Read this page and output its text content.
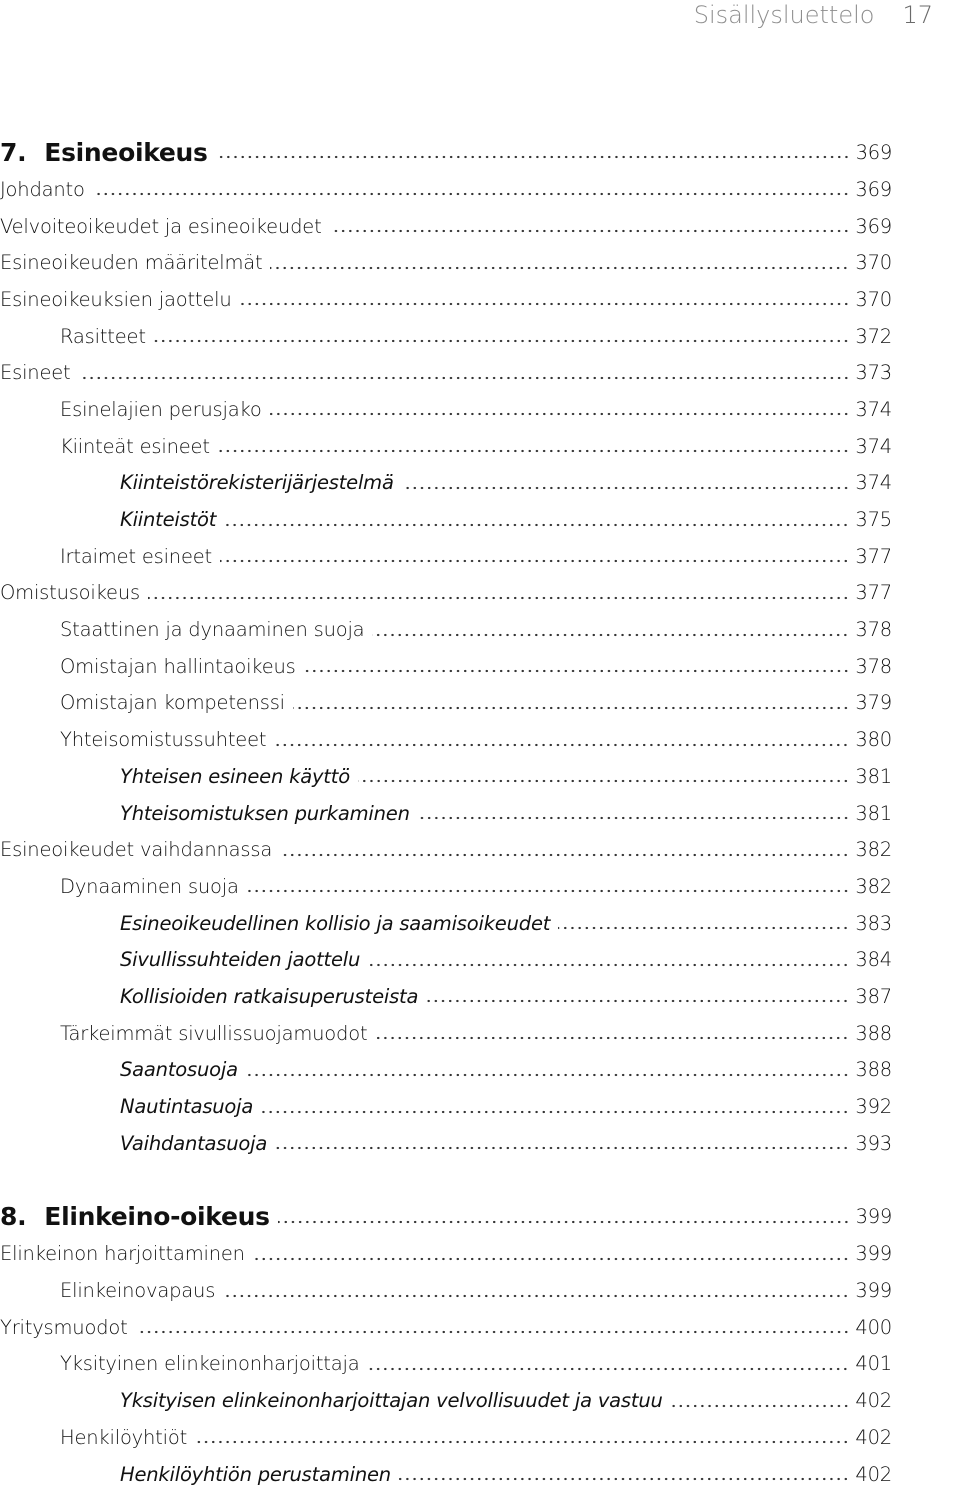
Sisällysluettelo 17
7. Esineoikeus	369
Johdanto	369
Velvoiteoikeudet ja esineoikeudet	369
Esineoikeuden määritelmät	370
Esineoikeuksien jaottelu	370
Rasitteet	372
Esineet	373
Esinelajien perusjako	374
Kiinteät esineet	374
Kiinteistörekisterijärjestelmä	374
Kiinteistöt	375
Irtaimet esineet	377
Omistusoikeus	377
Staattinen ja dynaaminen suoja	378
Omistajan hallintaoikeus	378
Omistajan kompetenssi	379
Yhteisomistussuhteet	380
Yhteisen esineen käyttö	381
Yhteisomistuksen purkaminen	381
Esineoikeudet vaihdannassa	382
Dynaaminen suoja	382
Esineoikeudellinen kollisio ja saamisoikeudet	383
Sivullissuhteiden jaottelu	384
Kollisioiden ratkaisuperusteista	387
Tärkeimmät sivullissuojamuodot	388
Saantosuoja	388
Nautintasuoja	392
Vaihdantasuoja	393
8. Elinkeino-oikeus	399
Elinkeinon harjoittaminen	399
Elinkeinovapaus	399
Yritysmuodot	400
Yksityinen elinkeinonharjoittaja	401
Yksityisen elinkeinonharjoittajan velvollisuudet ja vastuu	402
Henkilöyhtiöt	402
Henkilöyhtiön perustaminen	402
